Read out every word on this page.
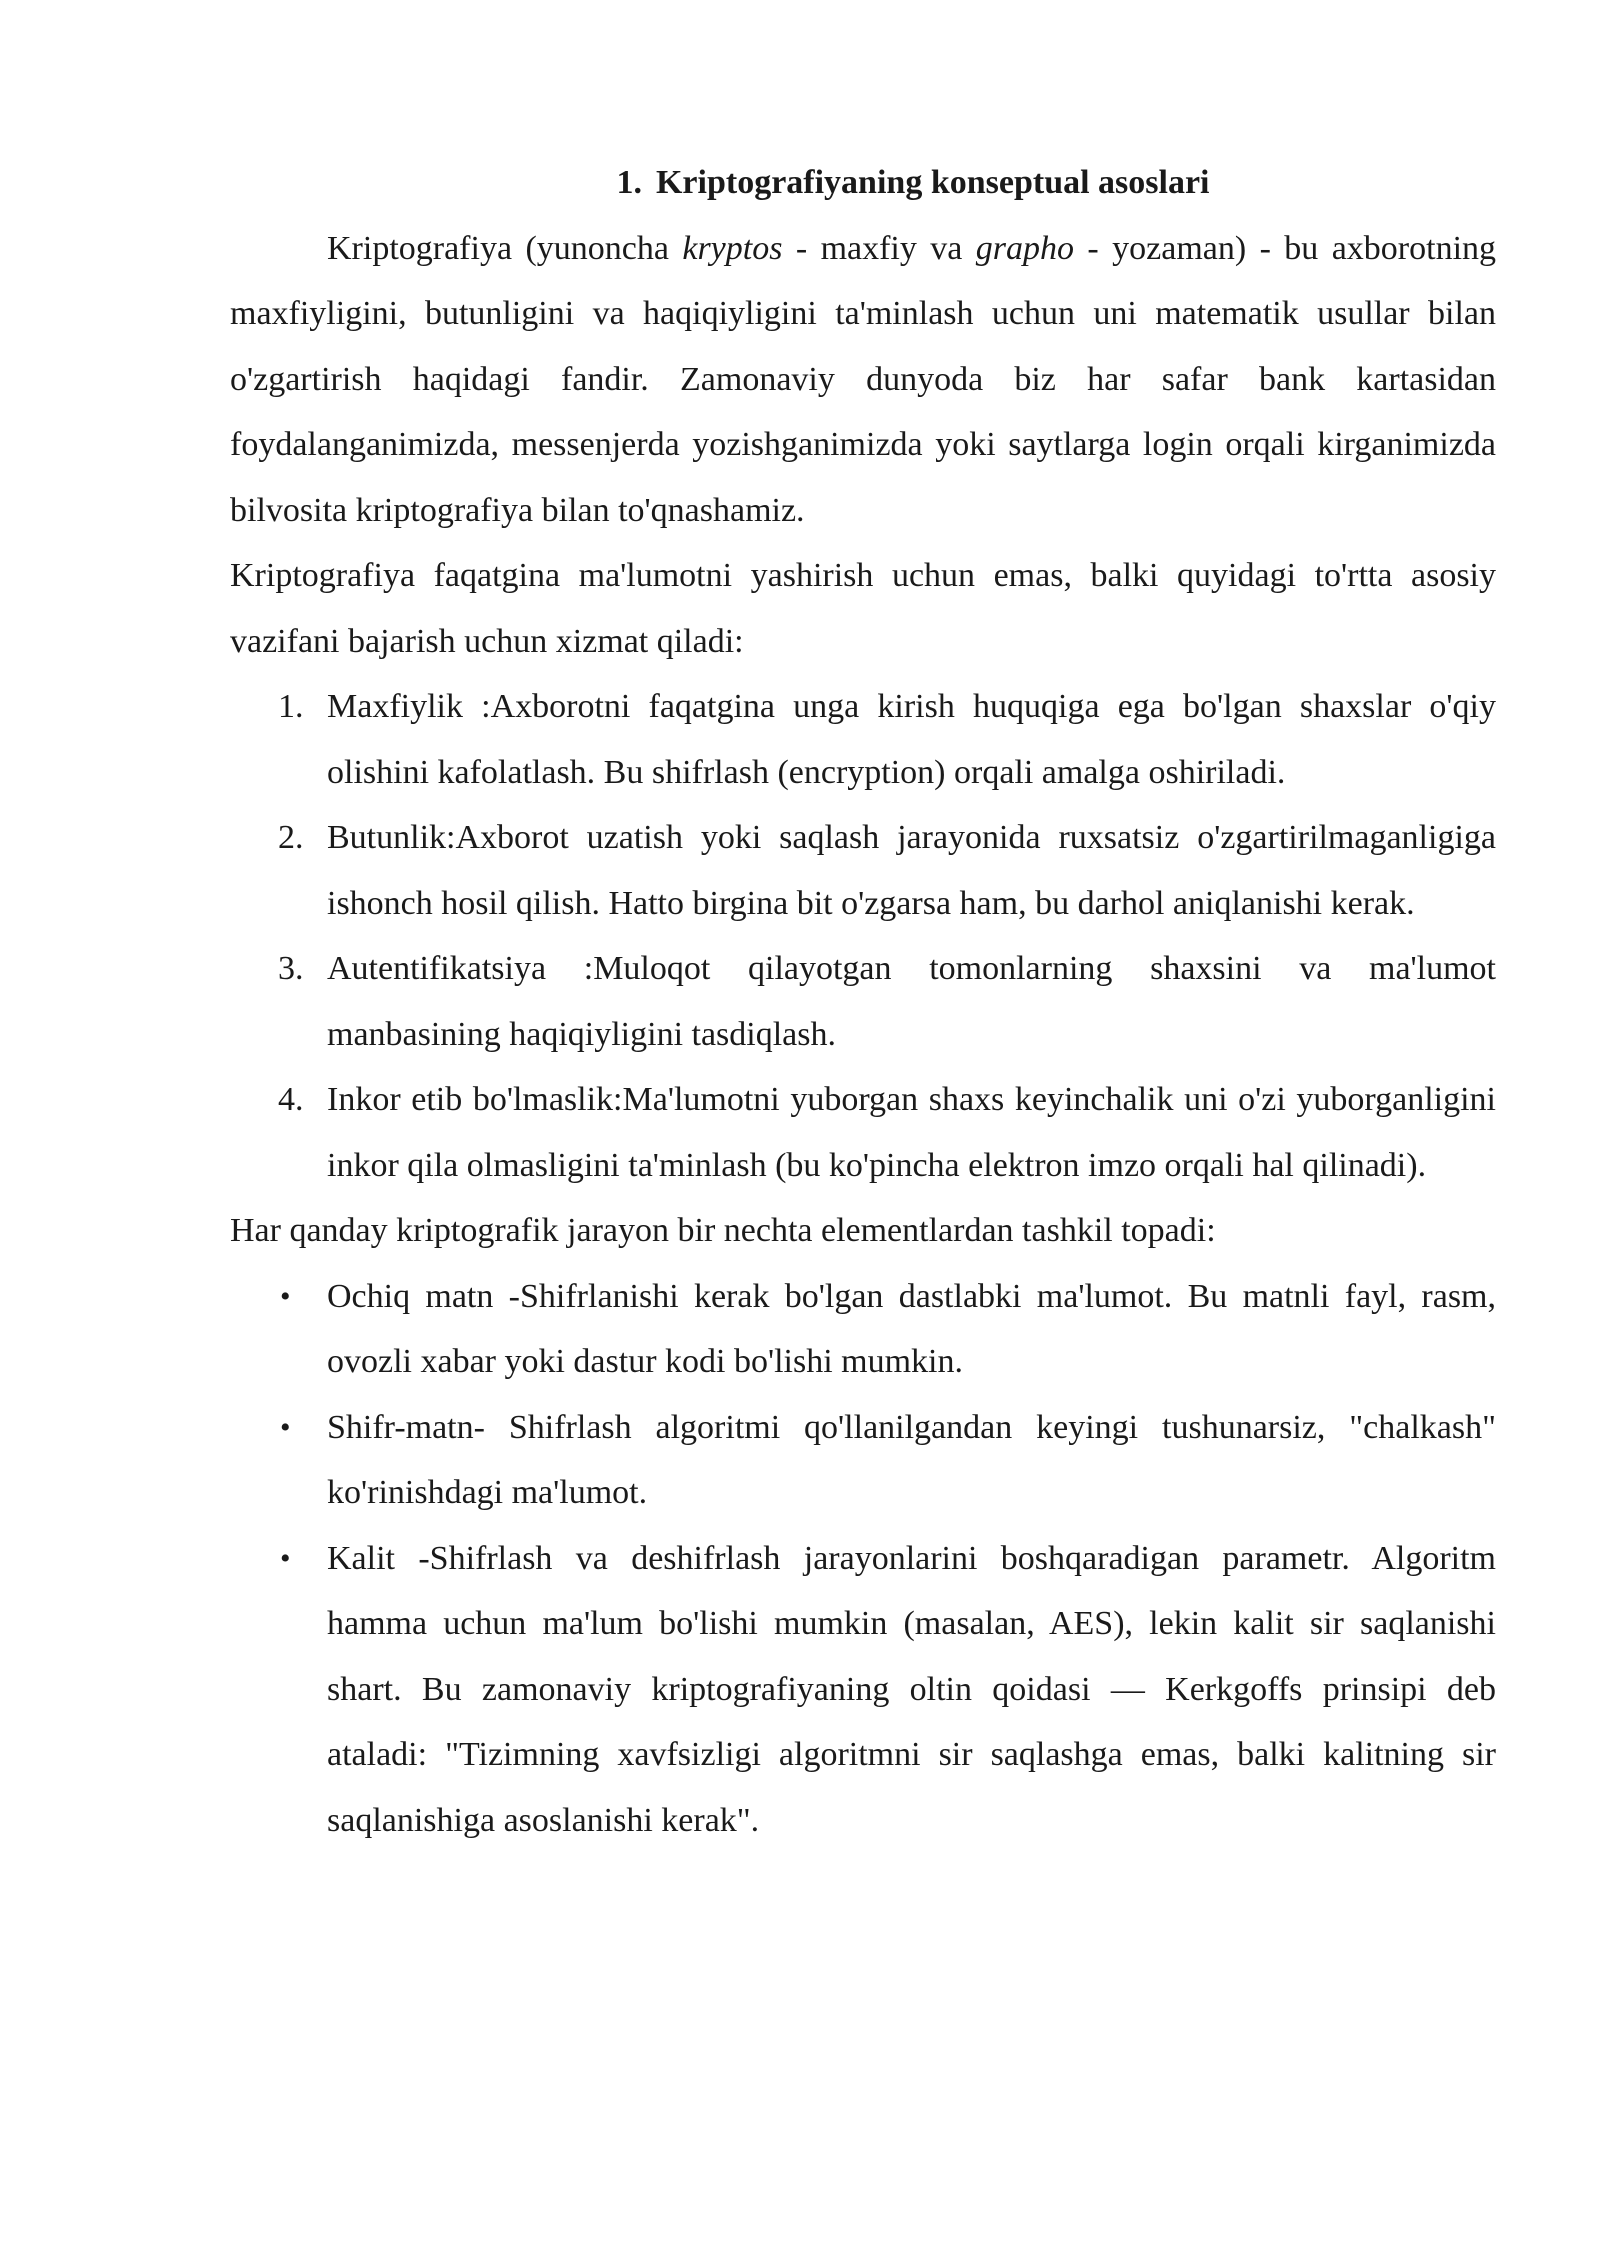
1. Kriptografiyaning konseptual asoslari

Kriptografiya (yunoncha kryptos - maxfiy va grapho - yozaman) - bu axborotning maxfiyligini, butunligini va haqiqiyligini ta'minlash uchun uni matematik usullar bilan o'zgartirish haqidagi fandir. Zamonaviy dunyoda biz har safar bank kartasidan foydalanganimizda, messenjerda yozishganimizda yoki saytlarga login orqali kirganimizda bilvosita kriptografiya bilan to'qnashamiz.

Kriptografiya faqatgina ma'lumotni yashirish uchun emas, balki quyidagi to'rtta asosiy vazifani bajarish uchun xizmat qiladi:

1. Maxfiylik :Axborotni faqatgina unga kirish huquqiga ega bo'lgan shaxslar o'qiy olishini kafolatlash. Bu shifrlash (encryption) orqali amalga oshiriladi.
2. Butunlik:Axborot uzatish yoki saqlash jarayonida ruxsatsiz o'zgartirilmaganligiga ishonch hosil qilish. Hatto birgina bit o'zgarsa ham, bu darhol aniqlanishi kerak.
3. Autentifikatsiya :Muloqot qilayotgan tomonlarning shaxsini va ma'lumot manbasining haqiqiyligini tasdiqlash.
4. Inkor etib bo'lmaslik:Ma'lumotni yuborgan shaxs keyinchalik uni o'zi yuborganligini inkor qila olmasligini ta'minlash (bu ko'pincha elektron imzo orqali hal qilinadi).

Har qanday kriptografik jarayon bir nechta elementlardan tashkil topadi:

• Ochiq matn -Shifrlanishi kerak bo'lgan dastlabki ma'lumot. Bu matnli fayl, rasm, ovozli xabar yoki dastur kodi bo'lishi mumkin.
• Shifr-matn- Shifrlash algoritmi qo'llanilgandan keyingi tushunarsiz, "chalkash" ko'rinishdagi ma'lumot.
• Kalit -Shifrlash va deshifrlash jarayonlarini boshqaradigan parametr. Algoritm hamma uchun ma'lum bo'lishi mumkin (masalan, AES), lekin kalit sir saqlanishi shart. Bu zamonaviy kriptografiyaning oltin qoidasi — Kerkgoffs prinsipi deb ataladi: "Tizimning xavfsizligi algoritmni sir saqlashga emas, balki kalitning sir saqlanishiga asoslanishi kerak".
